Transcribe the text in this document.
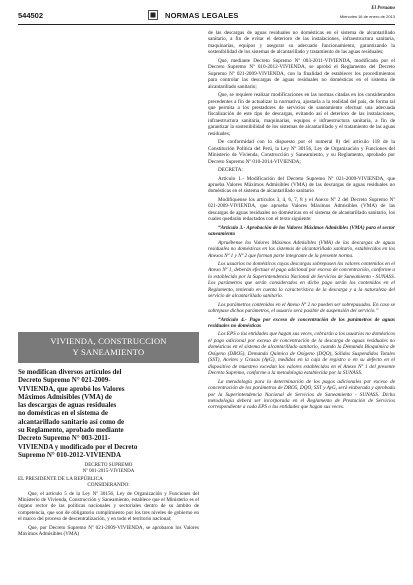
544502	NORMAS LEGALES
El Peruano
Miércoles 16 de enero de 2013
VIVIENDA, CONSTRUCCION
Y SANEAMIENTO
Se modifican diversos artículos del
Decreto Supremo N° 021-2009-
VIVIENDA, que aprobó los Valores
Máximos Admisibles (VMA) de
las descargas de aguas residuales
no domésticas en el sistema de
alcantarillado sanitario así como de
su Reglamento, aprobado mediante
Decreto Supremo N° 003-2011-
VIVIENDA y modificado por el Decreto
Supremo N° 010-2012-VIVIENDA
DECRETO SUPREMO
Nº 001-2015-VIVIENDA

EL PRESIDENTE DE LA REPÚBLICA

CONSIDERANDO:

Que, el artículo 5 de la Ley Nº 30156, Ley de Organización y Funciones del Ministerio de Vivienda, Construcción y Saneamiento, establece que el Ministerio es el órgano rector de las políticas nacionales y sectoriales dentro de su ámbito de competencia, que son de obligatorio cumplimiento por los tres niveles de gobierno en el marco del proceso de descentralización, y en todo el territorio nacional;

Que, por Decreto Supremo Nº 021-2009-VIVIENDA, se aprobaron los Valores Máximos Admisibles (VMA)

de las descargas de aguas residuales no domésticas en el sistema de alcantarillado sanitario, a fin de evitar el deterioro de las instalaciones, infraestructura sanitaria, maquinarias, equipos y asegurar su adecuado funcionamiento, garantizando la sostenibilidad de los sistemas de alcantarillado y tratamiento de las aguas residuales;

Que, mediante Decreto Supremo Nº 003-2011-VIVIENDA, modificado por el Decreto Supremo Nº 010-2012-VIVIENDA, se aprobó el Reglamento del Decreto Supremo Nº 021-2009-VIVIENDA, con la finalidad de establecer los procedimientos para controlar las descargas de aguas residuales no domésticas en el sistema de alcantarillado sanitario;

Que, se requiere realizar modificaciones en las normas citadas en los considerandos precedentes a fin de actualizar la normativa, ajustarla a la realidad del país, de forma tal que permita a los prestadores de servicios de saneamiento efectuar una adecuada fiscalización de este tipo de descargas, evitando así el deterioro de las instalaciones, infraestructura sanitaria, maquinarias, equipos e infraestructura sanitaria, a fin de garantizar la sostenibilidad de los sistemas de alcantarillado y el tratamiento de las aguas residuales;

De conformidad con lo dispuesto por el numeral 8) del artículo 118 de la Constitución Política del Perú, la Ley Nº 30156, Ley de Organización y Funciones del Ministerio de Vivienda, Construcción y Saneamiento, y su Reglamento, aprobado por Decreto Supremo Nº 010-2014-VIVIENDA;

DECRETA:

Artículo 1.- Modificación del Decreto Supremo Nº 021-2009-VIVIENDA, que aprueba Valores Máximos Admisibles (VMA) de las descargas de aguas residuales no domésticas en el sistema de alcantarillado sanitario

Modifíquense los artículos 3, 4, 6, 7, 8 y el Anexo Nº 2 del Decreto Supremo Nº 021-2009-VIVIENDA, que aprueba Valores Máximos Admisibles (VMA) de las descargas de aguas residuales no domésticas en el sistema de alcantarillado sanitario, los cuales quedarán redactados con el texto siguiente:

“Artículo 3.- Aprobación de los Valores Máximos Admisibles (VMA) para el sector saneamiento

Apruébense los Valores Máximos Admisibles (VMA) de las descargas de aguas residuales no domésticas en los sistemas de alcantarillado sanitario, establecidos en los Anexos Nº 1 y Nº 2 que forman parte integrante de la presente norma.

Los usuarios no domésticos cuyas descargas sobrepasen los valores contenidos en el Anexo Nº 1, deberán efectuar el pago adicional por exceso de concentración, conforme a lo establecido por la Superintendencia Nacional de Servicios de Saneamiento - SUNASS. Los parámetros que serán considerados en dicho pago serán los contenidos en el Reglamento, teniendo en cuenta la característica de la descarga y a la naturaleza del servicio de alcantarillado sanitario.

Los parámetros contenidos en el Anexo Nº 2 no pueden ser sobrepasados. En caso se sobrepase dichos parámetros, el usuario será pasible de suspensión del servicio.”

“Artículo 4.- Pago por exceso de concentración de los parámetros de aguas residuales no domésticas

Los EPS o las entidades que hagan sus veces, cobrarán a los usuarios no domésticos el pago adicional por exceso de concentración de la descarga de aguas residuales no domésticas en el sistema de alcantarillado sanitario, cuando la Demanda Bioquímica de Oxígeno (DBO5), Demanda Química de Oxígeno (DQO), Sólidos Suspendidos Totales (SST), Aceites y Grasas (AyG), medidos en la caja de registro o en su defecto en el dispositivo de muestreo excedan los valores establecidos en el Anexo Nº 1 del presente Decreto Supremo, conforme a la metodología establecida por la SUNASS.

La metodología para la determinación de los pagos adicionales por exceso de concentración de los parámetros de DBO5, DQO, SST y AyG, será elaborada y aprobada por la Superintendencia Nacional de Servicios de Saneamiento - SUNASS. Dicha metodología deberá ser incorporada en el Reglamento de Prestación de Servicios correspondiente a cada EPS o las entidades que hagan sus veces.
